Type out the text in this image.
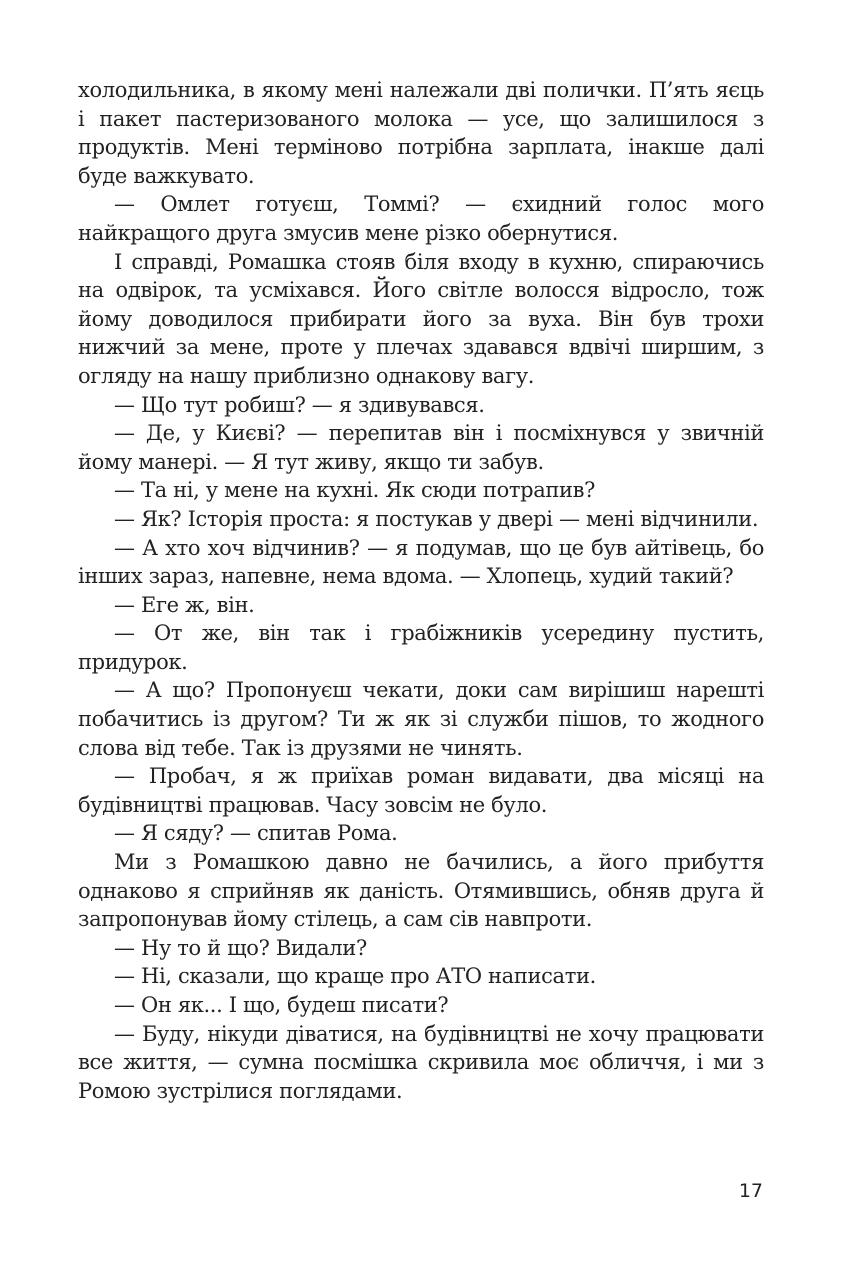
холодильника, в якому мені належали дві полички. П’ять яєць і пакет пастеризованого молока — усе, що залишилося з продуктів. Мені терміново потрібна зарплата, інакше далі буде важкувато.

— Омлет готуєш, Томмі? — єхидний голос мого найкращого друга змусив мене різко обернутися.

І справді, Ромашка стояв біля входу в кухню, спираючись на одвірок, та усміхався. Його світле волосся відросло, тож йому доводилося прибирати його за вуха. Він був трохи нижчий за мене, проте у плечах здавався вдвічі ширшим, з огляду на нашу приблизно однакову вагу.

— Що тут робиш? — я здивувався.

— Де, у Києві? — перепитав він і посміхнувся у звичній йому манері. — Я тут живу, якщо ти забув.

— Та ні, у мене на кухні. Як сюди потрапив?

— Як? Історія проста: я постукав у двері — мені відчинили.

— А хто хоч відчинив? — я подумав, що це був айтівець, бо інших зараз, напевне, нема вдома. — Хлопець, худий такий?

— Еге ж, він.

— От же, він так і грабіжників усередину пустить, придурок.

— А що? Пропонуєш чекати, доки сам вирішиш нарешті побачитись із другом? Ти ж як зі служби пішов, то жодного слова від тебе. Так із друзями не чинять.

— Пробач, я ж приїхав роман видавати, два місяці на будівництві працював. Часу зовсім не було.

— Я сяду? — спитав Рома.

Ми з Ромашкою давно не бачились, а його прибуття однаково я сприйняв як даність. Отямившись, обняв друга й запропонував йому стілець, а сам сів навпроти.

— Ну то й що? Видали?

— Ні, сказали, що краще про АТО написати.

— Он як... І що, будеш писати?

— Буду, нікуди діватися, на будівництві не хочу працювати все життя, — сумна посмішка скривила моє обличчя, і ми з Ромою зустрілися поглядами.

17
